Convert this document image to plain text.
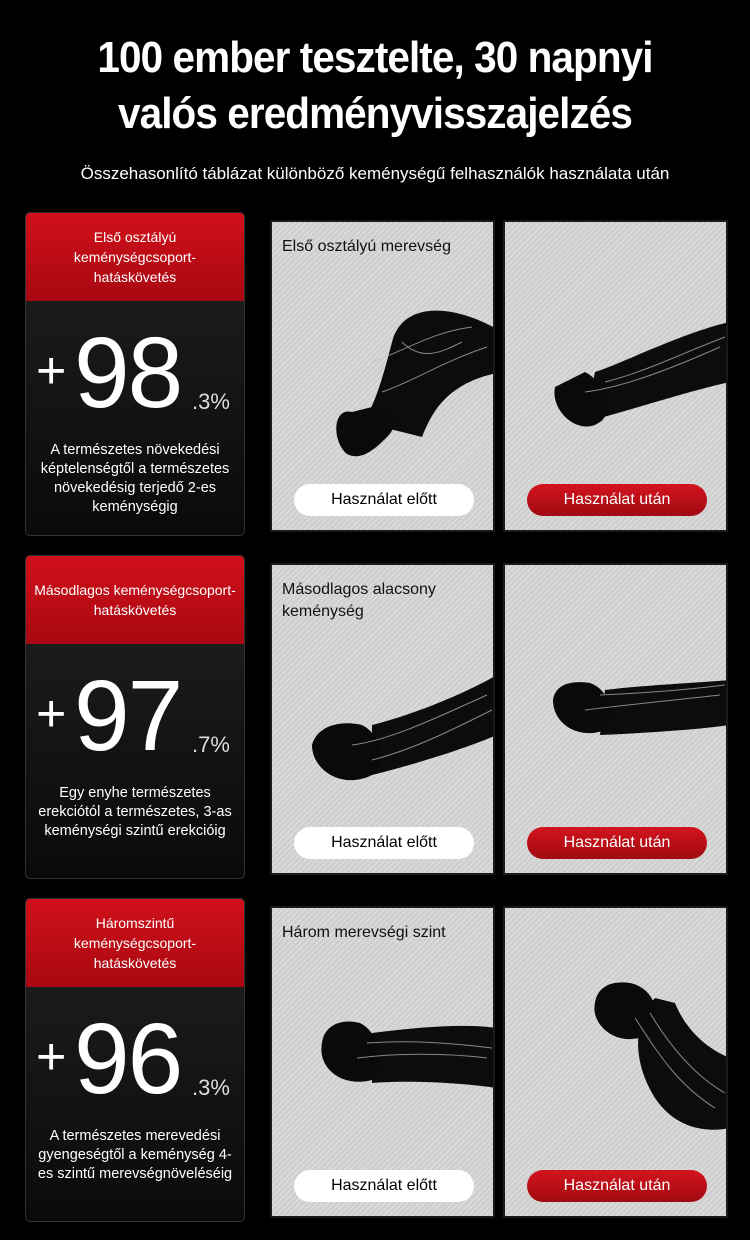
100 ember tesztelte, 30 napnyi
valós eredményvisszajelzés
Összehasonlító táblázat különböző keménységű felhasználók használata után
Első osztályú keménységcsoport-hatáskövetés
+ 98 .3%
A természetes növekedési képtelenségtől a természetes növekedésig terjedő 2-es keménységig
Első osztályú merevség
Használat előtt	Használat után
Másodlagos keménységcsoport-hatáskövetés
+ 97 .7%
Egy enyhe természetes erekciótól a természetes, 3-as keménységi szintű erekcióig
Másodlagos alacsony keménység
Használat előtt	Használat után
Háromszintű keménységcsoport-hatáskövetés
+ 96 .3%
A természetes merevedési gyengeségtől a keménység 4-es szintű merevségnöveléséig
Három merevségi szint
Használat előtt	Használat után
